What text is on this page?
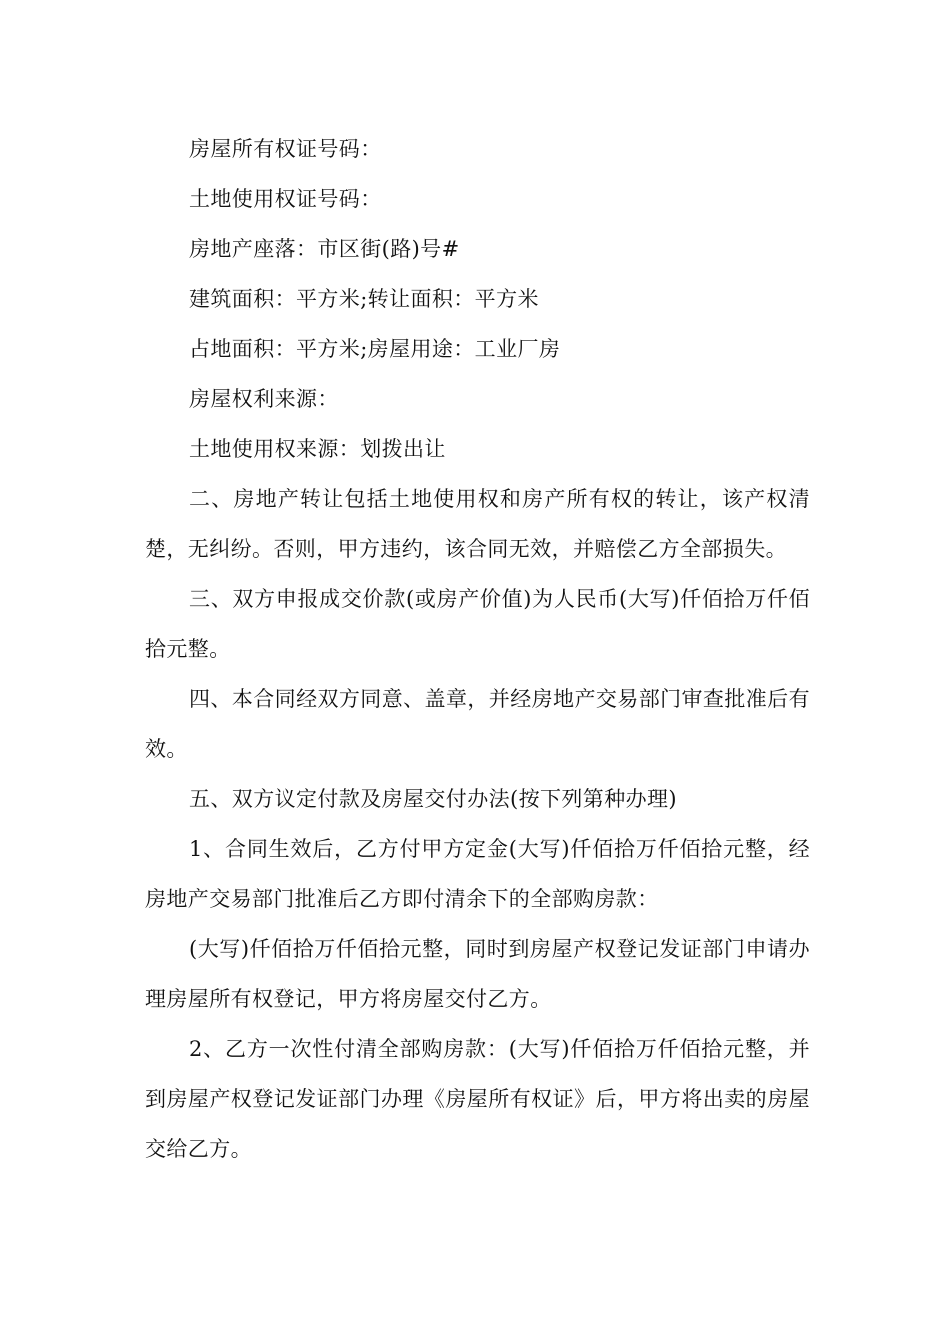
房屋所有权证号码：

土地使用权证号码：

房地产座落：市区街(路)号#

建筑面积：平方米;转让面积：平方米

占地面积：平方米;房屋用途：工业厂房

房屋权利来源：

土地使用权来源：划拨出让

二、房地产转让包括土地使用权和房产所有权的转让，该产权清楚，无纠纷。否则，甲方违约，该合同无效，并赔偿乙方全部损失。

三、双方申报成交价款(或房产价值)为人民币(大写)仟佰拾万仟佰拾元整。

四、本合同经双方同意、盖章，并经房地产交易部门审查批准后有效。

五、双方议定付款及房屋交付办法(按下列第种办理)

1、合同生效后，乙方付甲方定金(大写)仟佰拾万仟佰拾元整，经房地产交易部门批准后乙方即付清余下的全部购房款：

(大写)仟佰拾万仟佰拾元整，同时到房屋产权登记发证部门申请办理房屋所有权登记，甲方将房屋交付乙方。

2、乙方一次性付清全部购房款：(大写)仟佰拾万仟佰拾元整，并到房屋产权登记发证部门办理《房屋所有权证》后，甲方将出卖的房屋交给乙方。
